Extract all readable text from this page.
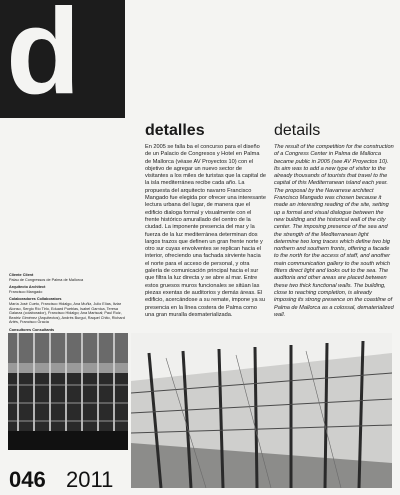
d
detalles

En 2005 se falla ba el concurso para el diseño de un Palacio de Congresos y Hotel en Palma de Mallorca (véase AV Proyectos 10) con el objetivo de agregar un nuevo sector de visitantes a los miles de turistas que la capital de la isla mediterránea recibe cada año. La propuesta del arquitecto navarro Francisco Mangado fue elegida por ofrecer una interesante lectura urbana del lugar, de manera que el edificio dialoga formal y visualmente con el frente histórico amurallado del centro de la ciudad. La imponente presencia del mar y la fuerza de la luz mediterránea determinan dos largos trazos que definen un gran frente norte y otro sur cuyas envolventes se replican hacia el interior, ofreciendo una fachada sirviente hacia el norte para el acceso de personal, y otra galería de comunicación principal hacia el sur que filtra la luz directa y se abre al mar. Entre estos gruesos muros funcionales se sitúan las piezas exentas de auditorios y demás áreas. El edificio, acercándose a su remate, impone ya su presencia en la línea costera de Palma como una gran muralla desmaterializada.

details

The result of the competition for the construction of a Congress Center in Palma de Mallorca became public in 2005 (see AV Proyectos 10). Its aim was to add a new type of visitor to the already thousands of tourists that travel to the capital of this Mediterranean island each year. The proposal by the Navarrese architect Francisco Mangado was chosen because it made an interesting reading of the site, setting up a formal and visual dialogue between the new building and the historical wall of the city center. The imposing presence of the sea and the strength of the Mediterranean light determine two long traces which define two big northern and southern fronts, offering a facade to the north for the access of staff, and another main communication gallery to the south which filters direct light and looks out to the sea. The auditoria and other areas are placed between these two thick functional walls. The building, close to reaching completion, is already imposing its strong presence on the coastline of Palma de Mallorca as a colossal, dematerialized wall.

Cliente Client
Palau de Congressos de Palma de Mallorca
Arquitecto Architect
Francisco Mangado
Colaboradores Collaborators
María José Cueto, Francisco Hidalgo, Ana Muñiz, Julio Elías, Itziar Alonso, Sergio Río Tirlo, Eduard Pueblas, Isabel Garnica, Teresa Galarza (colaborador), Francisco Hidalgo; Ana Mariscal; Paul Ruiz, Beatriz Giménez (Arquitectos), Andrés Burgui, Raquel Chito, Richard Artés, Francisco Gracía
Consultores Consultants
046 2011
